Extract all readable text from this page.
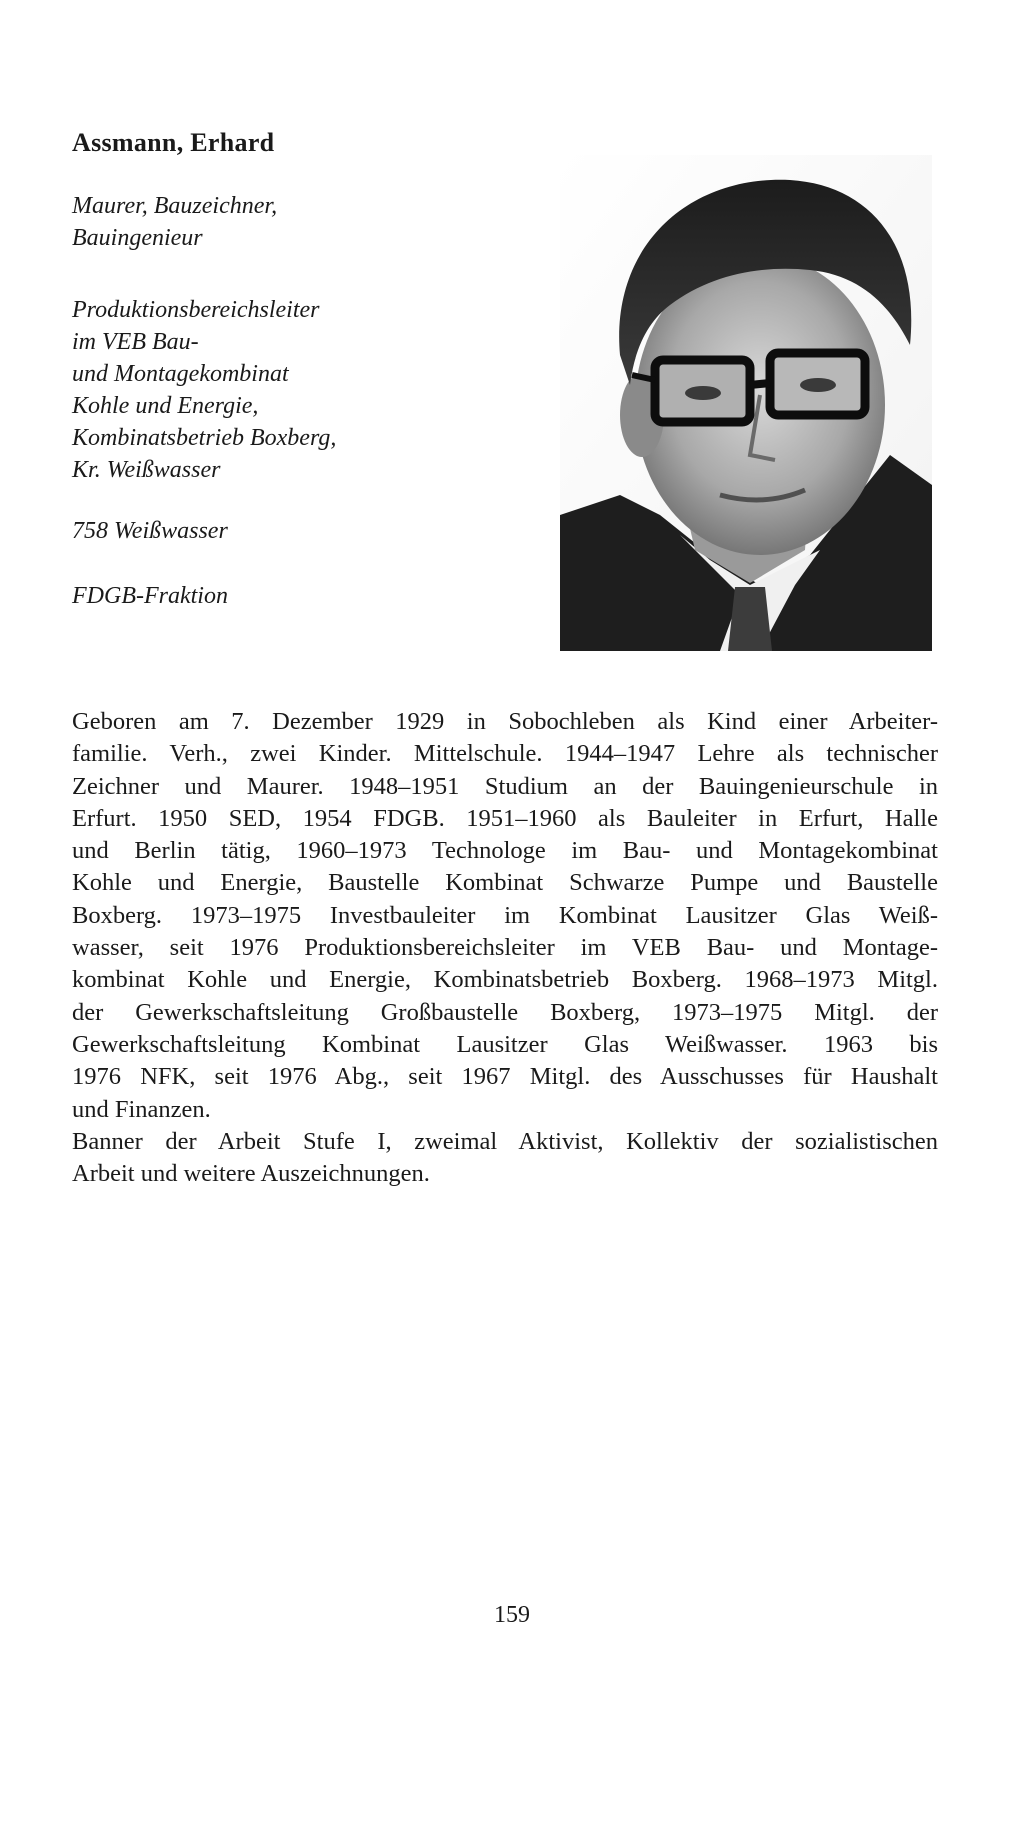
Assmann, Erhard
Maurer, Bauzeichner,
Bauingenieur
Produktionsbereichsleiter
im VEB Bau-
und Montagekombinat
Kohle und Energie,
Kombinatsbetrieb Boxberg,
Kr. Weißwasser
758 Weißwasser
FDGB-Fraktion
Geboren am 7. Dezember 1929 in Sobochleben als Kind einer Arbeiter-
familie. Verh., zwei Kinder. Mittelschule. 1944–1947 Lehre als technischer
Zeichner und Maurer. 1948–1951 Studium an der Bauingenieurschule in
Erfurt. 1950 SED, 1954 FDGB. 1951–1960 als Bauleiter in Erfurt, Halle
und Berlin tätig, 1960–1973 Technologe im Bau- und Montagekombinat
Kohle und Energie, Baustelle Kombinat Schwarze Pumpe und Baustelle
Boxberg. 1973–1975 Investbauleiter im Kombinat Lausitzer Glas Weiß-
wasser, seit 1976 Produktionsbereichsleiter im VEB Bau- und Montage-
kombinat Kohle und Energie, Kombinatsbetrieb Boxberg. 1968–1973 Mitgl.
der Gewerkschaftsleitung Großbaustelle Boxberg, 1973–1975 Mitgl. der
Gewerkschaftsleitung Kombinat Lausitzer Glas Weißwasser. 1963 bis
1976 NFK, seit 1976 Abg., seit 1967 Mitgl. des Ausschusses für Haushalt
und Finanzen.
Banner der Arbeit Stufe I, zweimal Aktivist, Kollektiv der sozialistischen
Arbeit und weitere Auszeichnungen.
159
